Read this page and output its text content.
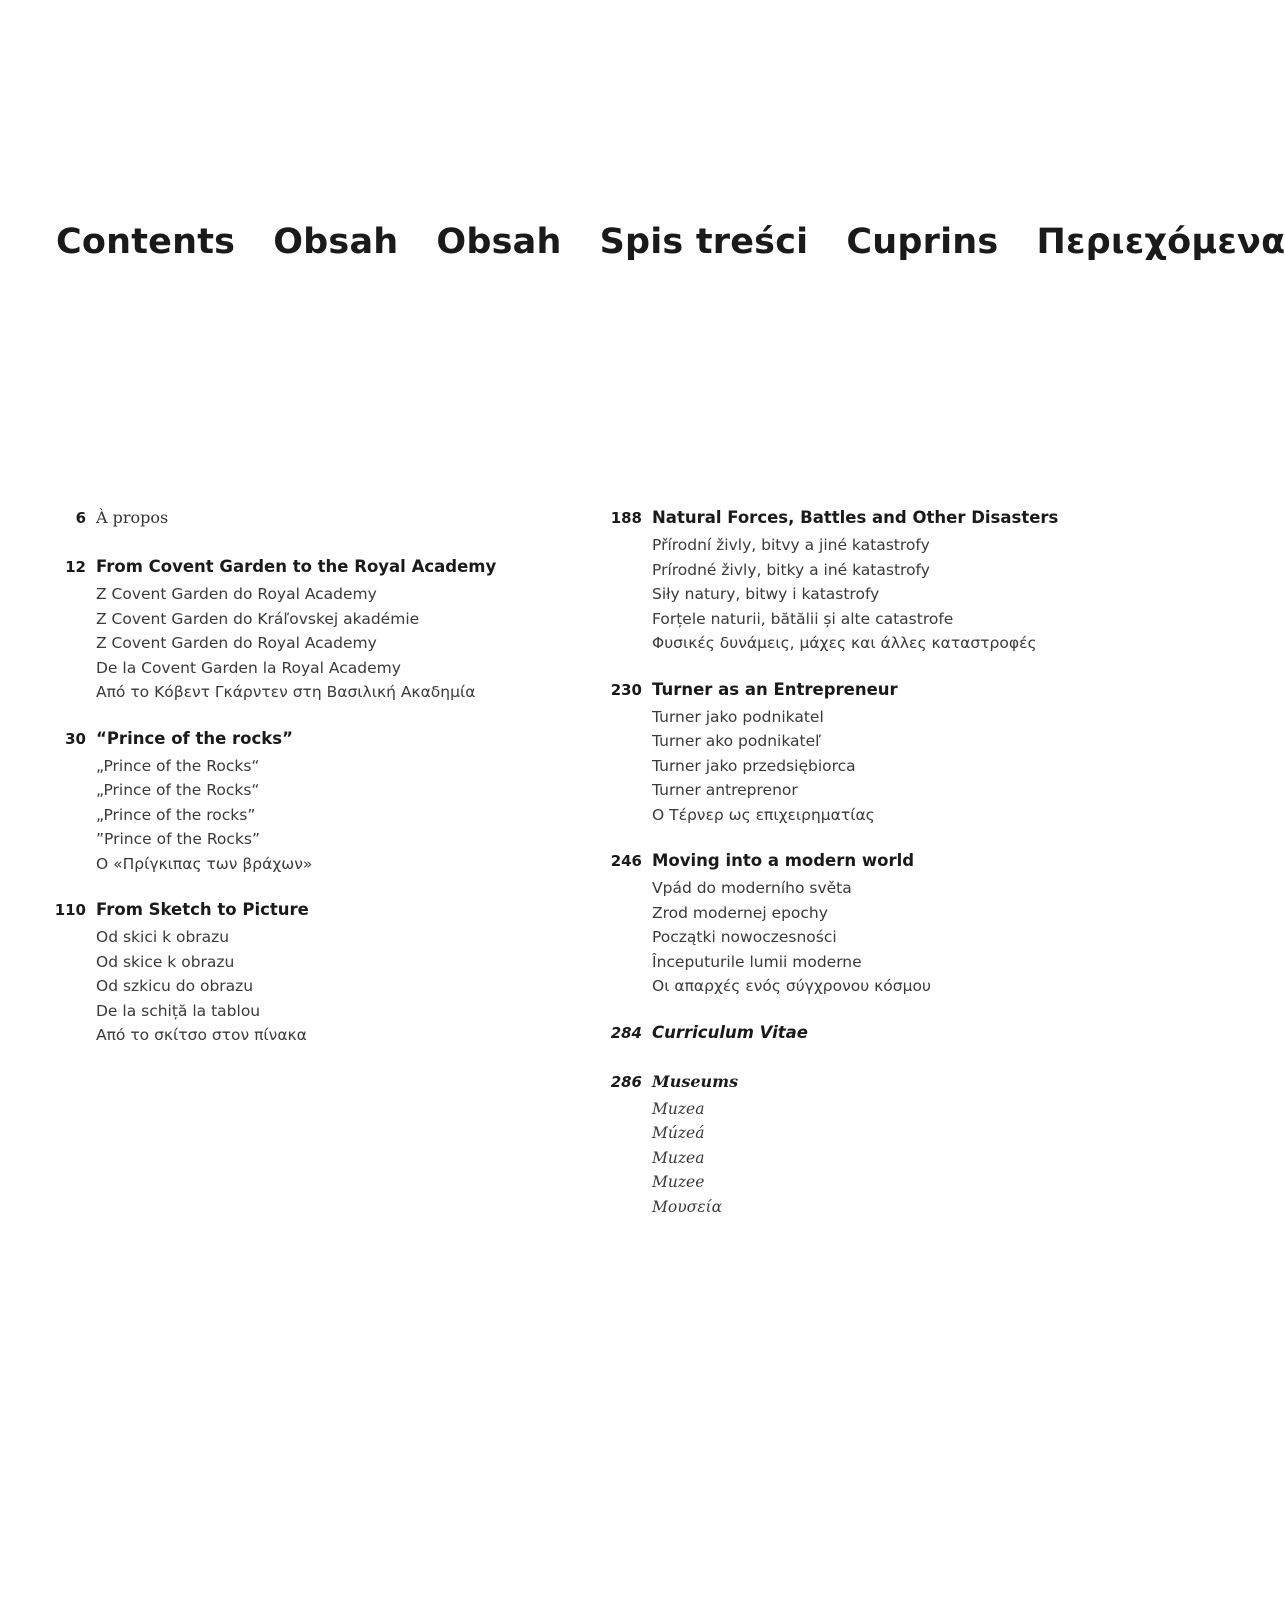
Contents Obsah Obsah Spis treści Cuprins Περιεχόμενα
6 À propos
12 From Covent Garden to the Royal Academy
Z Covent Garden do Royal Academy
Z Covent Garden do Kráľovskej akadémie
Z Covent Garden do Royal Academy
De la Covent Garden la Royal Academy
Από το Κόβεντ Γκάρντεν στη Βασιλική Ακαδημία
30 “Prince of the rocks”
„Prince of the Rocks“
„Prince of the Rocks“
„Prince of the rocks”
”Prince of the Rocks”
Ο «Πρίγκιπας των βράχων»
110 From Sketch to Picture
Od skici k obrazu
Od skice k obrazu
Od szkicu do obrazu
De la schiță la tablou
Από το σκίτσο στον πίνακα
188 Natural Forces, Battles and Other Disasters
Přírodní živly, bitvy a jiné katastrofy
Prírodné živly, bitky a iné katastrofy
Siły natury, bitwy i katastrofy
Forțele naturii, bătălii și alte catastrofe
Φυσικές δυνάμεις, μάχες και άλλες καταστροφές
230 Turner as an Entrepreneur
Turner jako podnikatel
Turner ako podnikateľ
Turner jako przedsiębiorca
Turner antreprenor
Ο Τέρνερ ως επιχειρηματίας
246 Moving into a modern world
Vpád do moderního světa
Zrod modernej epochy
Początki nowoczesności
Începuturile lumii moderne
Οι απαρχές ενός σύγχρονου κόσμου
284 Curriculum Vitae
286 Museums
Muzea
Múzeá
Muzea
Muzee
Μουσεία
